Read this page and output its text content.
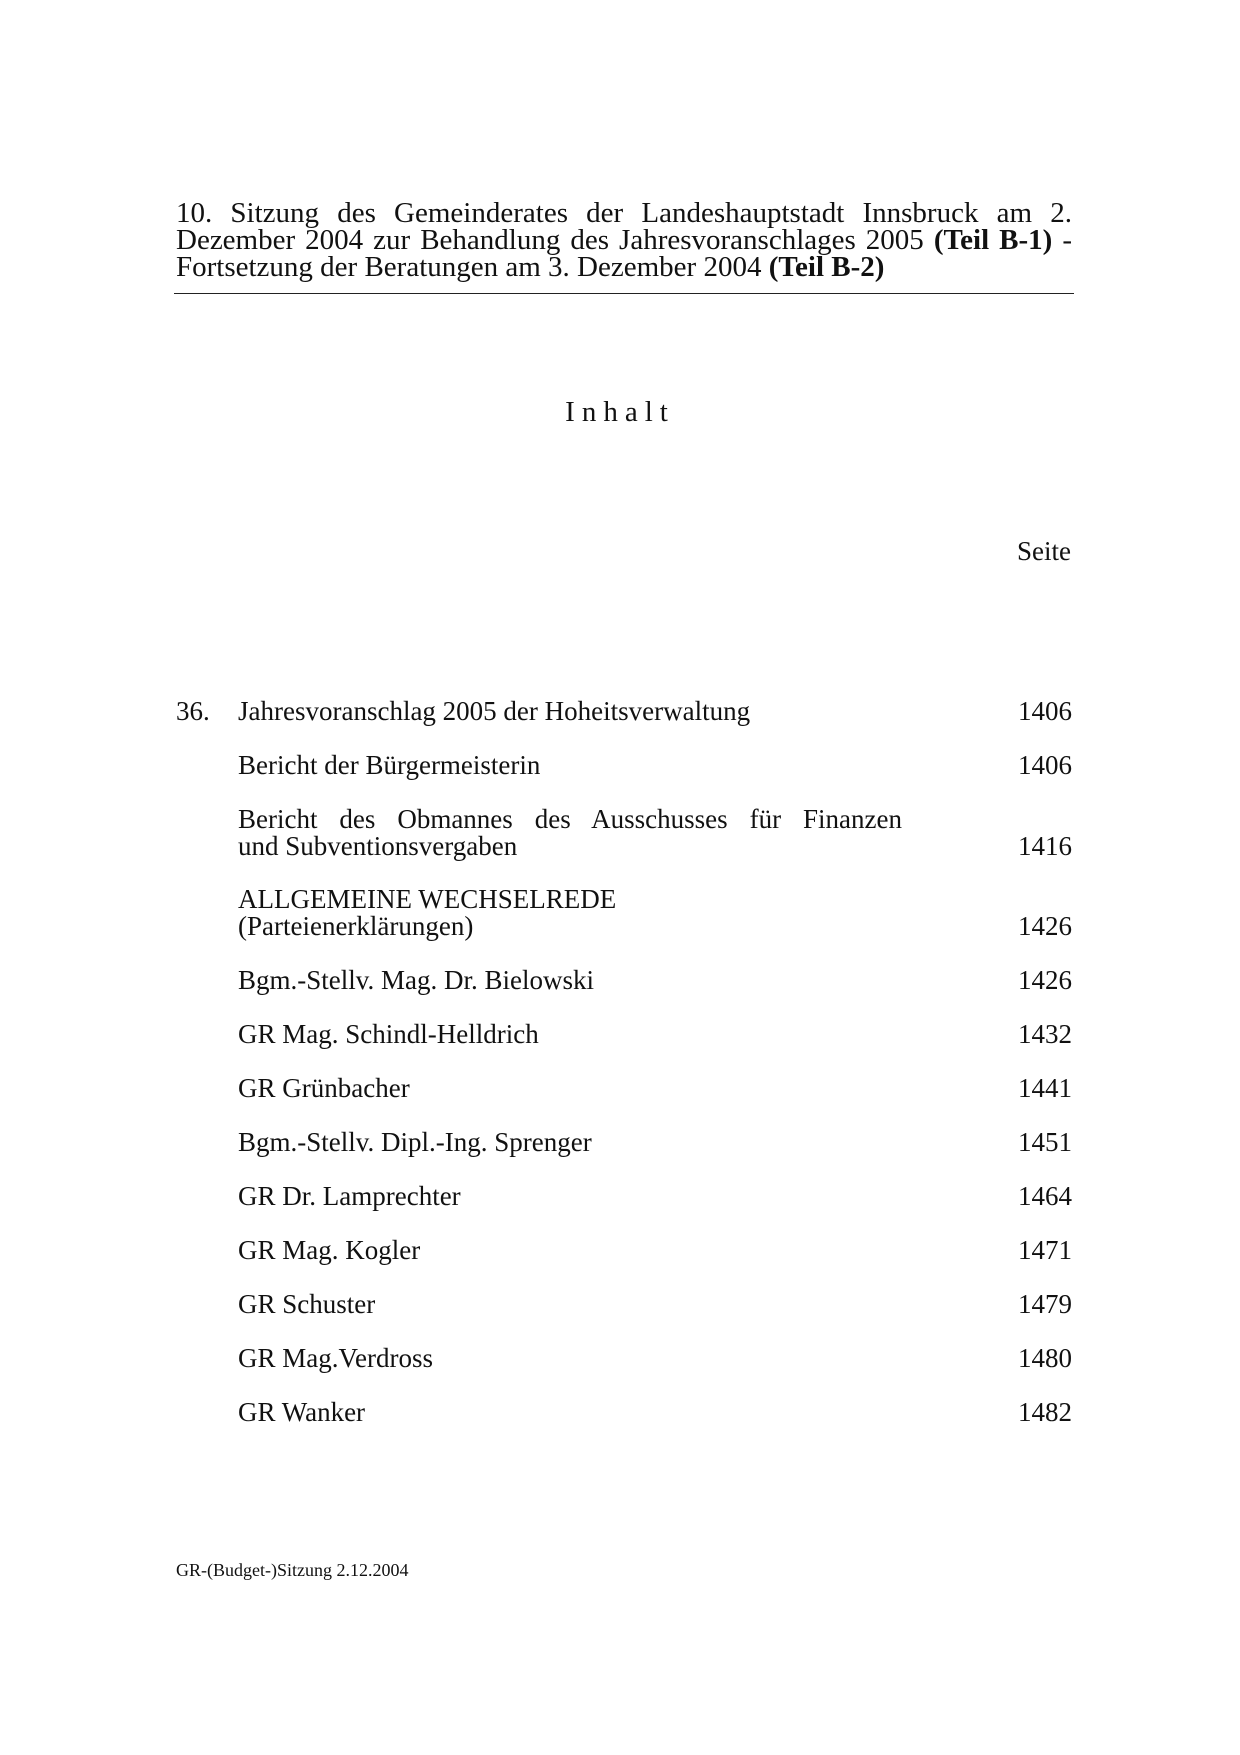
10. Sitzung des Gemeinderates der Landeshauptstadt Innsbruck am 2. Dezember 2004 zur Behandlung des Jahresvoranschlages 2005 (Teil B-1) - Fortsetzung der Beratungen am 3. Dezember 2004 (Teil B-2)
Inhalt
Seite
36. Jahresvoranschlag 2005 der Hoheitsverwaltung	1406
Bericht der Bürgermeisterin	1406
Bericht des Obmannes des Ausschusses für Finanzen
und Subventionsvergaben	1416
ALLGEMEINE WECHSELREDE
(Parteienerklärungen)	1426
Bgm.-Stellv. Mag. Dr. Bielowski	1426
GR Mag. Schindl-Helldrich	1432
GR Grünbacher	1441
Bgm.-Stellv. Dipl.-Ing. Sprenger	1451
GR Dr. Lamprechter	1464
GR Mag. Kogler	1471
GR Schuster	1479
GR Mag.Verdross	1480
GR Wanker	1482
GR-(Budget-)Sitzung 2.12.2004
